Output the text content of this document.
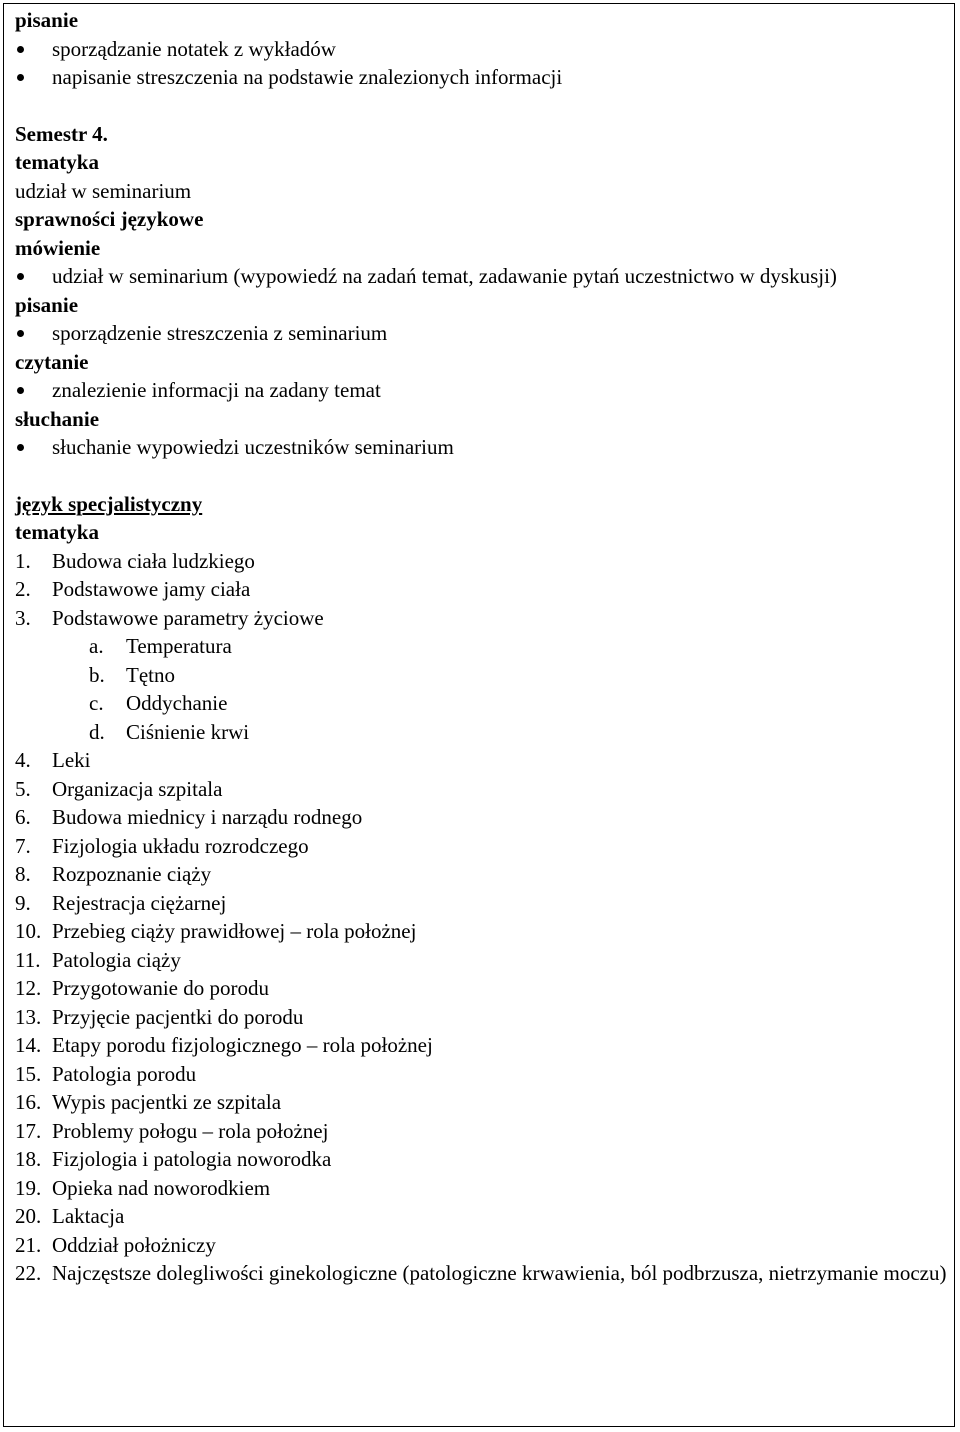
pisanie
sporządzanie notatek z wykładów
napisanie streszczenia na podstawie znalezionych informacji
Semestr 4.
tematyka
udział w seminarium
sprawności językowe
mówienie
udział w seminarium (wypowiedź na zadań temat, zadawanie pytań uczestnictwo w dyskusji)
pisanie
sporządzenie streszczenia z seminarium
czytanie
znalezienie informacji na zadany temat
słuchanie
słuchanie wypowiedzi uczestników seminarium
język specjalistyczny
tematyka
1. Budowa ciała ludzkiego
2. Podstawowe jamy ciała
3. Podstawowe parametry życiowe
a. Temperatura
b. Tętno
c. Oddychanie
d. Ciśnienie krwi
4. Leki
5. Organizacja szpitala
6. Budowa miednicy i narządu rodnego
7. Fizjologia układu rozrodczego
8. Rozpoznanie ciąży
9. Rejestracja ciężarnej
10. Przebieg ciąży prawidłowej – rola położnej
11. Patologia ciąży
12. Przygotowanie do porodu
13. Przyjęcie pacjentki do porodu
14. Etapy porodu fizjologicznego – rola położnej
15. Patologia porodu
16. Wypis pacjentki ze szpitala
17. Problemy połogu – rola położnej
18. Fizjologia i patologia noworodka
19. Opieka nad noworodkiem
20. Laktacja
21. Oddział położniczy
22. Najczęstsze dolegliwości ginekologiczne (patologiczne krwawienia, ból podbrzusza, nietrzymanie moczu)
